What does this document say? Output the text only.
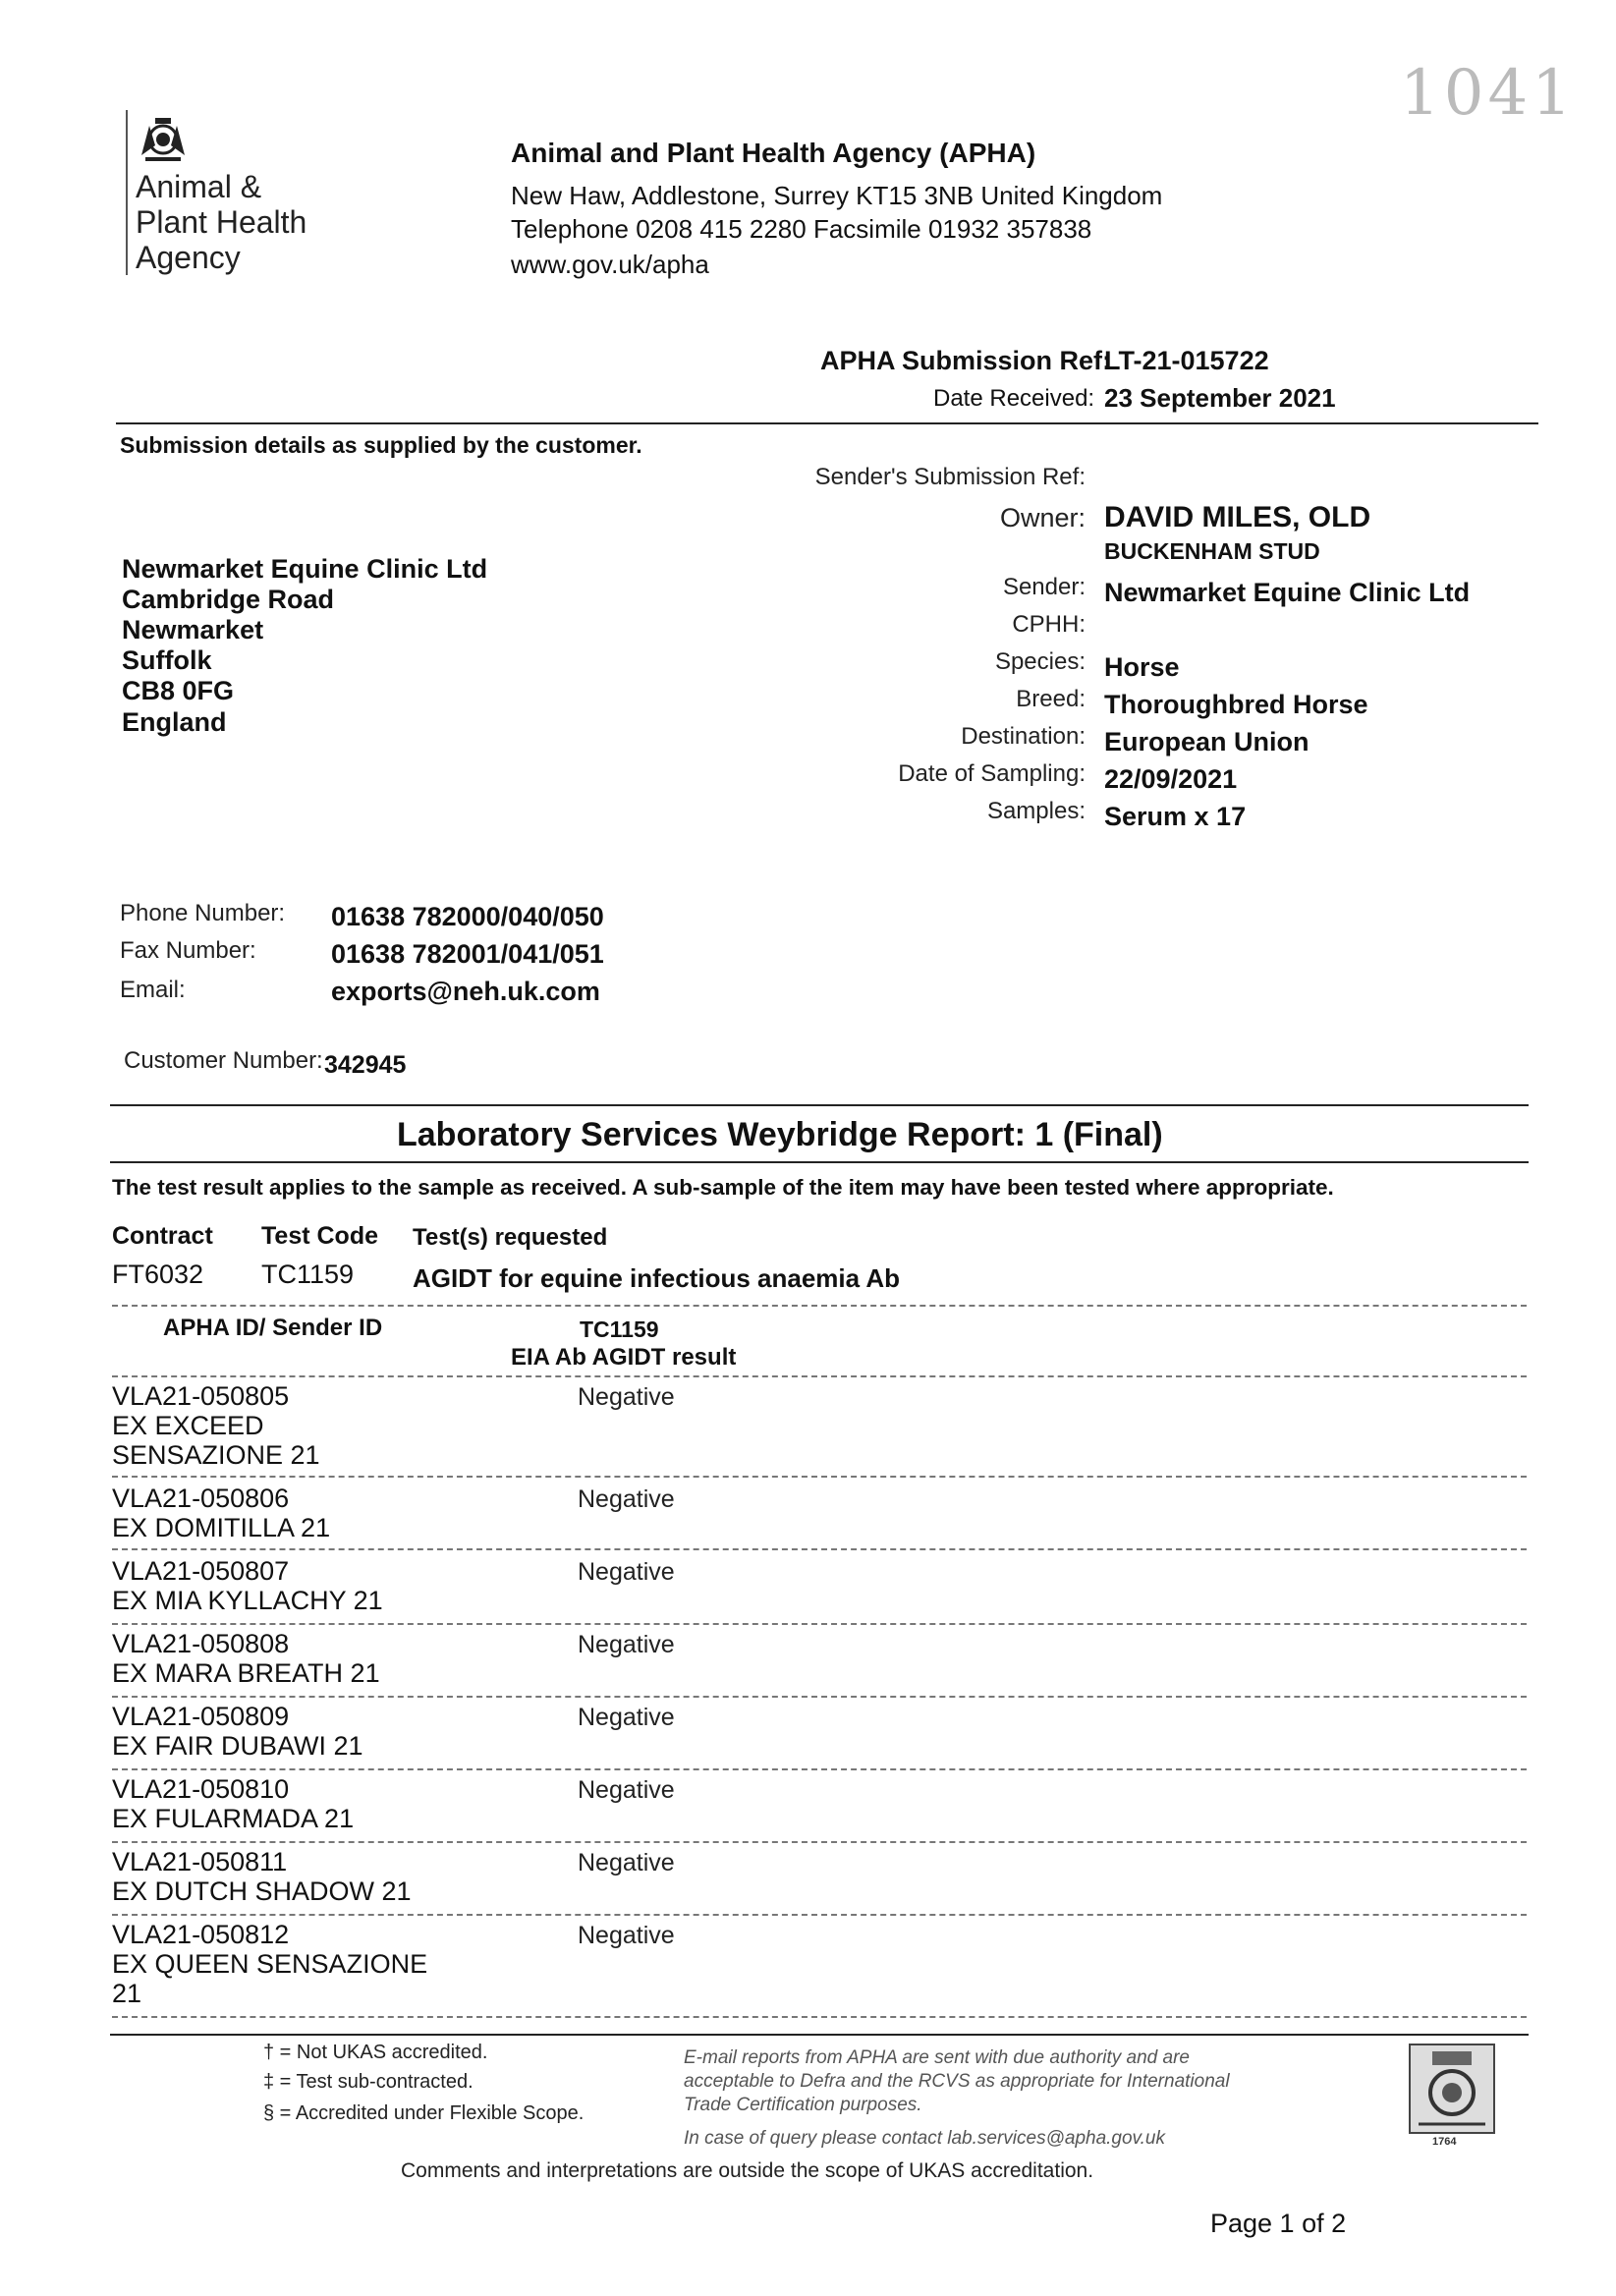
1041
Animal &
Plant Health
Agency
Animal and Plant Health Agency (APHA)
New Haw, Addlestone, Surrey KT15 3NB United Kingdom
Telephone 0208 415 2280 Facsimile 01932 357838
www.gov.uk/apha
APHA Submission Ref:
LT-21-015722
Date Received: 23 September 2021
Submission details as supplied by the customer.
Newmarket Equine Clinic Ltd
Cambridge Road
Newmarket
Suffolk
CB8 0FG
England
Sender's Submission Ref:
Owner: DAVID MILES, OLD
BUCKENHAM STUD
Sender: Newmarket Equine Clinic Ltd
CPHH:
Species: Horse
Breed: Thoroughbred Horse
Destination: European Union
Date of Sampling: 22/09/2021
Samples: Serum x 17
Phone Number: 01638 782000/040/050
Fax Number:	01638 782001/041/051
Email:	exports@neh.uk.com
Customer Number: 342945
Laboratory Services Weybridge Report: 1 (Final)
The test result applies to the sample as received. A sub-sample of the item may have been tested where appropriate.
Contract Test Code Test(s) requested
FT6032 TC1159 AGIDT for equine infectious anaemia Ab
APHA ID/ Sender ID	TC1159
EIA Ab AGIDT result
VLA21-050805
EX EXCEED
SENSAZIONE 21
Negative
VLA21-050806
EX DOMITILLA 21
Negative
VLA21-050807
EX MIA KYLLACHY 21
Negative
VLA21-050808
EX MARA BREATH 21
Negative
VLA21-050809
EX FAIR DUBAWI 21
Negative
VLA21-050810
EX FULARMADA 21
Negative
VLA21-050811
EX DUTCH SHADOW 21
Negative
VLA21-050812
EX QUEEN SENSAZIONE
21
Negative
† = Not UKAS accredited.
‡ = Test sub-contracted.
§ = Accredited under Flexible Scope.
E-mail reports from APHA are sent with due authority and are
acceptable to Defra and the RCVS as appropriate for International
Trade Certification purposes.
In case of query please contact lab.services@apha.gov.uk	1764
Comments and interpretations are outside the scope of UKAS accreditation.
Page 1 of 2
